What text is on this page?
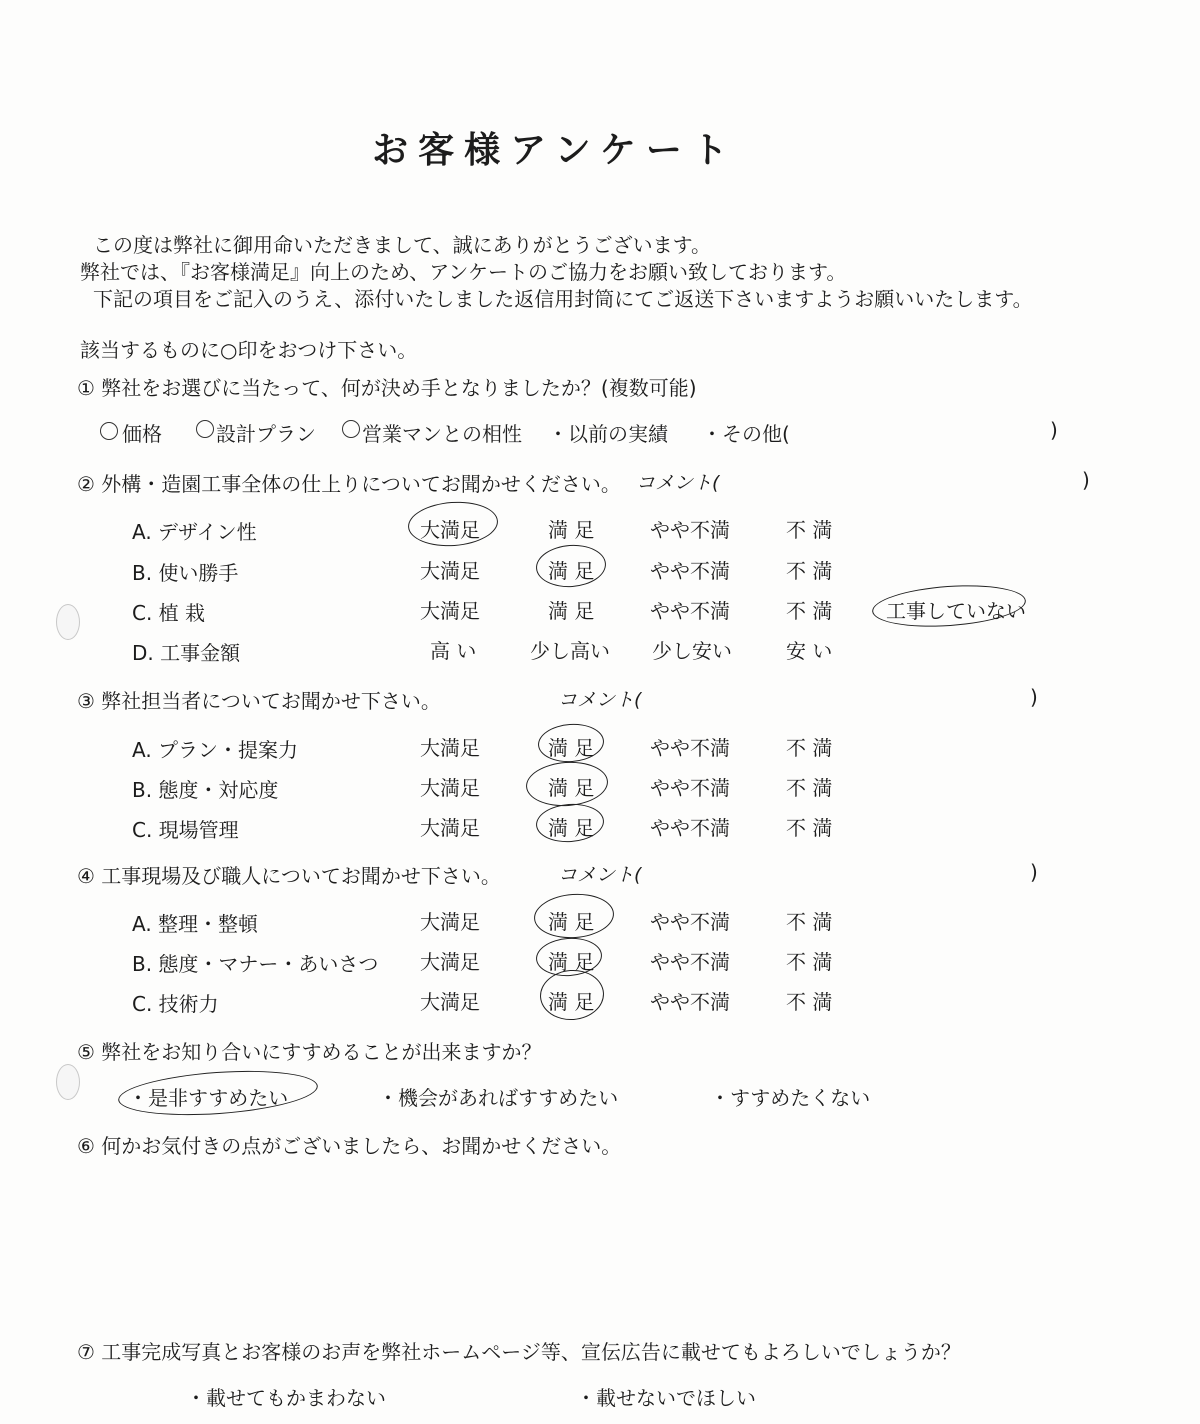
お客様アンケート
この度は弊社に御用命いただきまして、誠にありがとうございます。
弊社では、『お客様満足』向上のため、アンケートのご協力をお願い致しております。
下記の項目をご記入のうえ、添付いたしました返信用封筒にてご返送下さいますようお願いいたします。
該当するものに○印をおつけ下さい。
① 弊社をお選びに当たって、何が決め手となりましたか？(複数可能)
価格	設計プラン 営業マンとの相性 ・以前の実績 ・その他(	)
② 外構・造園工事全体の仕上りについてお聞かせください。 コメント(	)
A. デザイン性	大満足	満 足	やや不満	不 満
B. 使い勝手	大満足	満 足	やや不満	不 満
C. 植 栽	大満足	満 足	やや不満	不 満	工事していない
D. 工事金額	高 い	少し高い 少し安い	安 い
③ 弊社担当者についてお聞かせ下さい。	コメント(	)
A. プラン・提案力	大満足	満 足	やや不満	不 満
B. 態度・対応度	大満足	満 足	やや不満	不 満
C. 現場管理	大満足	満 足	やや不満	不 満
④ 工事現場及び職人についてお聞かせ下さい。	コメント(	)
A. 整理・整頓	大満足	満 足	やや不満	不 満
B. 態度・マナー・あいさつ 大満足	満 足	やや不満	不 満
C. 技術力	大満足	満 足	やや不満	不 満
⑤ 弊社をお知り合いにすすめることが出来ますか？
・是非すすめたい	・機会があればすすめたい	・すすめたくない
⑥ 何かお気付きの点がございましたら、お聞かせください。
⑦ 工事完成写真とお客様のお声を弊社ホームページ等、宣伝広告に載せてもよろしいでしょうか？
・載せてもかまわない	・載せないでほしい
